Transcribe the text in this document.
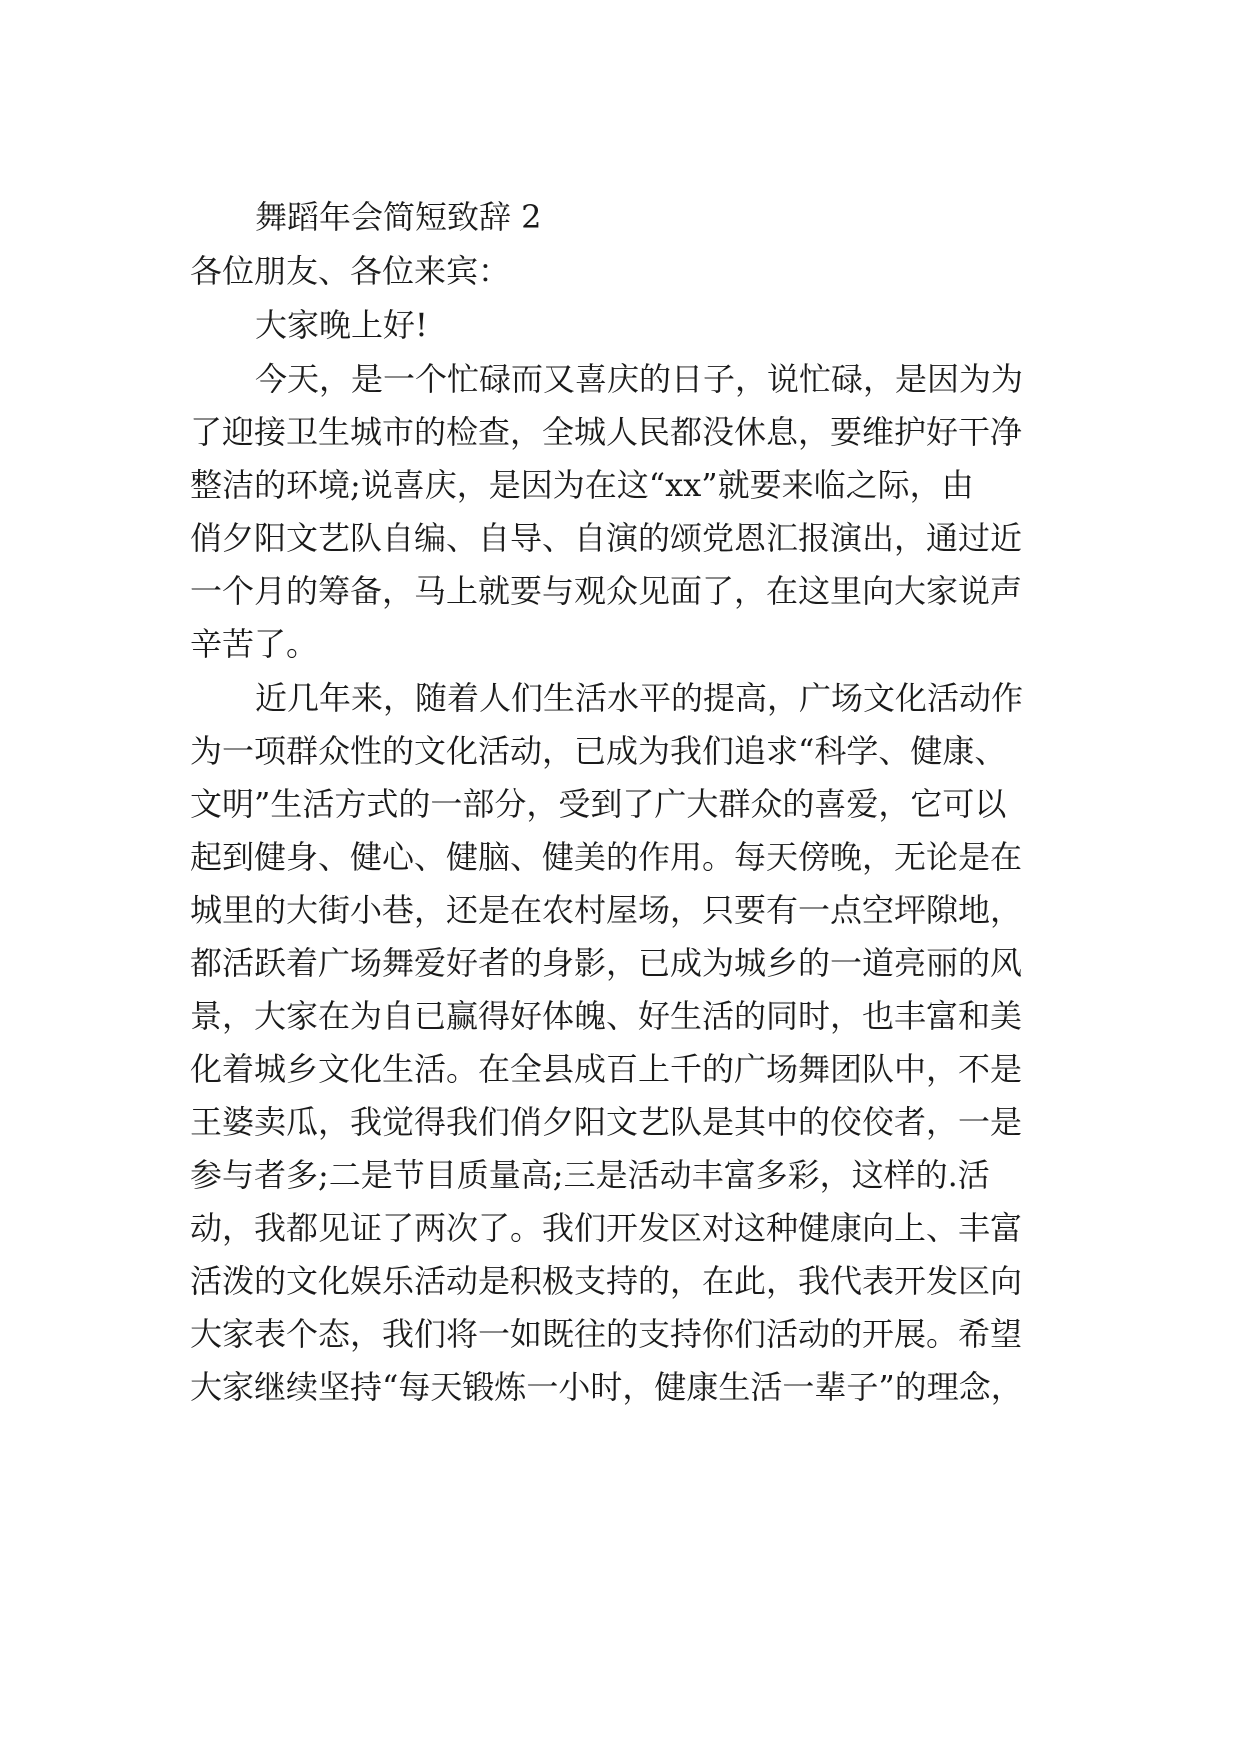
舞蹈年会简短致辞 2
各位朋友、各位来宾：
大家晚上好!
今天，是一个忙碌而又喜庆的日子，说忙碌，是因为为
了迎接卫生城市的检查，全城人民都没休息，要维护好干净
整洁的环境;说喜庆，是因为在这“xx”就要来临之际，由
俏夕阳文艺队自编、自导、自演的颂党恩汇报演出，通过近
一个月的筹备，马上就要与观众见面了，在这里向大家说声
辛苦了。
近几年来，随着人们生活水平的提高，广场文化活动作
为一项群众性的文化活动，已成为我们追求“科学、健康、
文明”生活方式的一部分，受到了广大群众的喜爱，它可以
起到健身、健心、健脑、健美的作用。每天傍晚，无论是在
城里的大街小巷，还是在农村屋场，只要有一点空坪隙地，
都活跃着广场舞爱好者的身影，已成为城乡的一道亮丽的风
景，大家在为自已赢得好体魄、好生活的同时，也丰富和美
化着城乡文化生活。在全县成百上千的广场舞团队中，不是
王婆卖瓜，我觉得我们俏夕阳文艺队是其中的佼佼者，一是
参与者多;二是节目质量高;三是活动丰富多彩，这样的.活
动，我都见证了两次了。我们开发区对这种健康向上、丰富
活泼的文化娱乐活动是积极支持的，在此，我代表开发区向
大家表个态，我们将一如既往的支持你们活动的开展。希望
大家继续坚持“每天锻炼一小时，健康生活一辈子”的理念，
